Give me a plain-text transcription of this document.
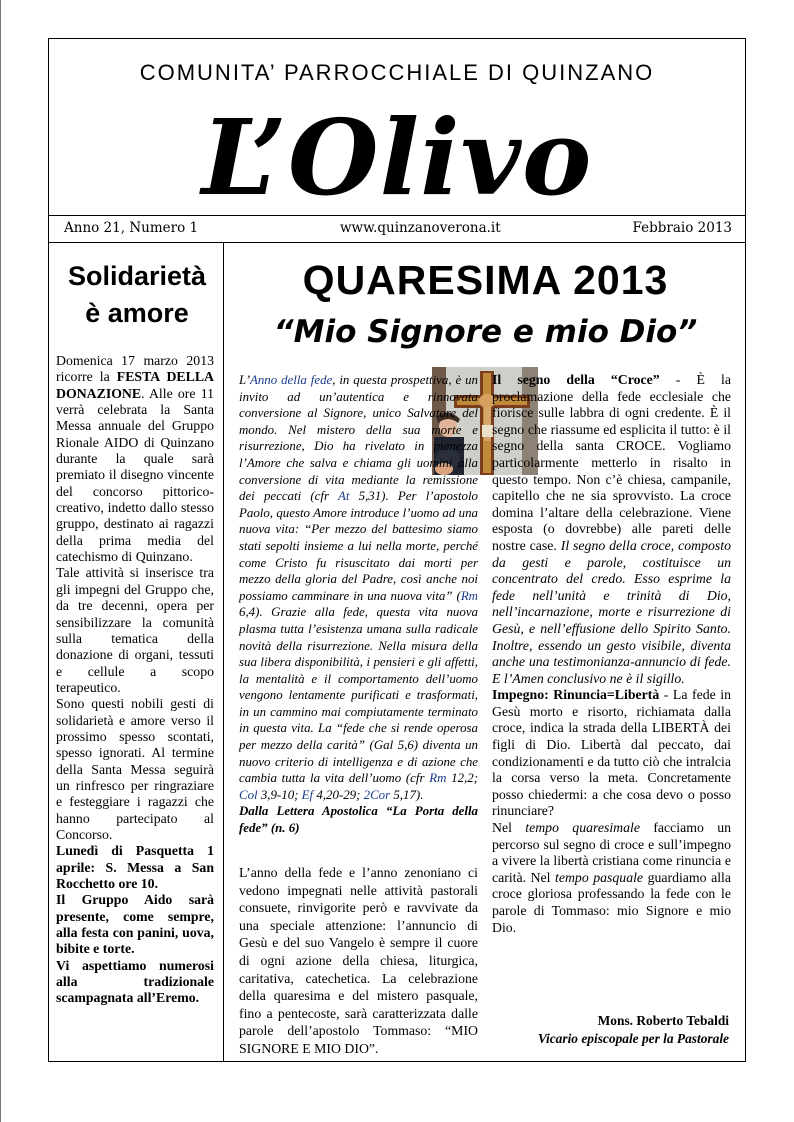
COMUNITA’ PARROCCHIALE DI QUINZANO
L’Olivo
Anno 21, Numero 1	www.quinzanoverona.it	Febbraio 2013
Solidarietà
è amore

Domenica 17 marzo 2013 ricorre la FESTA DELLA DONAZIONE. Alle ore 11 verrà celebrata la Santa Messa annuale del Gruppo Rionale AIDO di Quinzano durante la quale sarà premiato il disegno vincente del concorso pittorico-creativo, indetto dallo stesso gruppo, destinato ai ragazzi della prima media del catechismo di Quinzano.

Tale attività si inserisce tra gli impegni del Gruppo che, da tre decenni, opera per sensibilizzare la comunità sulla tematica della donazione di organi, tessuti e cellule a scopo terapeutico.

Sono questi nobili gesti di solidarietà e amore verso il prossimo spesso scontati, spesso ignorati. Al termine della Santa Messa seguirà un rinfresco per ringraziare e festeggiare i ragazzi che hanno partecipato al Concorso.

Lunedì di Pasquetta 1 aprile: S. Messa a San Rocchetto ore 10.

Il Gruppo Aido sarà presente, come sempre, alla festa con panini, uova, bibite e torte.

Vi aspettiamo numerosi alla tradizionale scampagnata all’Eremo.

QUARESIMA 2013
“Mio Signore e mio Dio”

L’Anno della fede, in questa prospettiva, è un invito ad un’autentica e rinnovata conversione al Signore, unico Salvatore del mondo. Nel mistero della sua morte e risurrezione, Dio ha rivelato in pienezza l’Amore che salva e chiama gli uomini alla conversione di vita mediante la remissione dei peccati (cfr At 5,31). Per l’apostolo Paolo, questo Amore introduce l’uomo ad una nuova vita: “Per mezzo del battesimo siamo stati sepolti insieme a lui nella morte, perché come Cristo fu risuscitato dai morti per mezzo della gloria del Padre, così anche noi possiamo camminare in una nuova vita” (Rm 6,4). Grazie alla fede, questa vita nuova plasma tutta l’esistenza umana sulla radicale novità della risurrezione. Nella misura della sua libera disponibilità, i pensieri e gli affetti, la mentalità e il comportamento dell’uomo vengono lentamente purificati e trasformati, in un cammino mai compiutamente terminato in questa vita. La “fede che si rende operosa per mezzo della carità” (Gal 5,6) diventa un nuovo criterio di intelligenza e di azione che cambia tutta la vita dell’uomo (cfr Rm 12,2; Col 3,9-10; Ef 4,20-29; 2Cor 5,17).

Dalla Lettera Apostolica “La Porta della fede” (n. 6)

L’anno della fede e l’anno zenoniano ci vedono impegnati nelle attività pastorali consuete, rinvigorite però e ravvivate da una speciale attenzione: l’annuncio di Gesù e del suo Vangelo è sempre il cuore di ogni azione della chiesa, liturgica, caritativa, catechetica. La celebrazione della quaresima e del mistero pasquale, fino a pentecoste, sarà caratterizzata dalle parole dell’apostolo Tommaso: “MIO SIGNORE E MIO DIO”.

Il segno della “Croce” - È la proclamazione della fede ecclesiale che fiorisce sulle labbra di ogni credente. È il segno che riassume ed esplicita il tutto: è il segno della santa CROCE. Vogliamo particolarmente metterlo in risalto in questo tempo. Non c’è chiesa, campanile, capitello che ne sia sprovvisto. La croce domina l’altare della celebrazione. Viene esposta (o dovrebbe) alle pareti delle nostre case. Il segno della croce, composto da gesti e parole, costituisce un concentrato del credo. Esso esprime la fede nell’unità e trinità di Dio, nell’incarnazione, morte e risurrezione di Gesù, e nell’effusione dello Spirito Santo. Inoltre, essendo un gesto visibile, diventa anche una testimonianza-annuncio di fede. E l’Amen conclusivo ne è il sigillo.

Impegno: Rinuncia=Libertà - La fede in Gesù morto e risorto, richiamata dalla croce, indica la strada della LIBERTÀ dei figli di Dio. Libertà dal peccato, dai condizionamenti e da tutto ciò che intralcia la corsa verso la meta. Concretamente posso chiedermi: a che cosa devo o posso rinunciare?

Nel tempo quaresimale facciamo un percorso sul segno di croce e sull’impegno a vivere la libertà cristiana come rinuncia e carità. Nel tempo pasquale guardiamo alla croce gloriosa professando la fede con le parole di Tommaso: mio Signore e mio Dio.

Mons. Roberto Tebaldi
Vicario episcopale per la Pastorale
